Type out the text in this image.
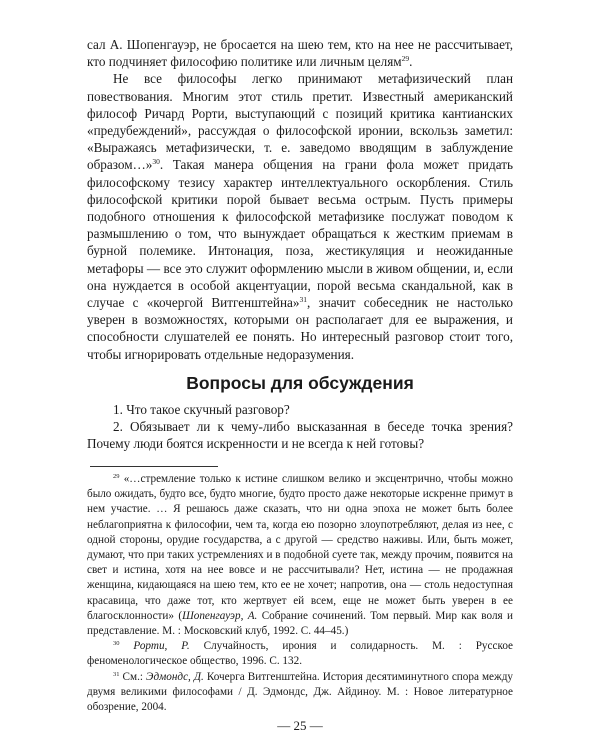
сал А. Шопенгауэр, не бросается на шею тем, кто на нее не рассчитывает, кто подчиняет философию политике или личным целям$^{29}$.

Не все философы легко принимают метафизический план повествования. Многим этот стиль претит. Известный американский философ Ричард Рорти, выступающий с позиций критика кантианских «предубеждений», рассуждая о философской иронии, вскользь заметил: «Выражаясь метафизически, т. е. заведомо вводящим в заблуждение образом…»$^{30}$. Такая манера общения на грани фола может придать философскому тезису характер интеллектуального оскорбления. Стиль философской критики порой бывает весьма острым. Пусть примеры подобного отношения к философской метафизике послужат поводом к размышлению о том, что вынуждает обращаться к жестким приемам в бурной полемике. Интонация, поза, жестикуляция и неожиданные метафоры — все это служит оформлению мысли в живом общении, и, если она нуждается в особой акцентуации, порой весьма скандальной, как в случае с «кочергой Витгенштейна»$^{31}$, значит собеседник не настолько уверен в возможностях, которыми он располагает для ее выражения, и способности слушателей ее понять. Но интересный разговор стоит того, чтобы игнорировать отдельные недоразумения.

Вопросы для обсуждения

1. Что такое скучный разговор?

2. Обязывает ли к чему-либо высказанная в беседе точка зрения? Почему люди боятся искренности и не всегда к ней готовы?

$^{29}$ «…стремление только к истине слишком велико и эксцентрично, чтобы можно было ожидать, будто все, будто многие, будто просто даже некоторые искренне примут в нем участие. … Я решаюсь даже сказать, что ни одна эпоха не может быть более неблагоприятна к философии, чем та, когда ею позорно злоупотребляют, делая из нее, с одной стороны, орудие государства, а с другой — средство наживы. Или, быть может, думают, что при таких устремлениях и в подобной суете так, между прочим, появится на свет и истина, хотя на нее вовсе и не рассчитывали? Нет, истина — не продажная женщина, кидающаяся на шею тем, кто ее не хочет; напротив, она — столь недоступная красавица, что даже тот, кто жертвует ей всем, еще не может быть уверен в ее благосклонности» (Шопенгауэр, А. Собрание сочинений. Том первый. Мир как воля и представление. М. : Московский клуб, 1992. С. 44–45.)

$^{30}$ Рорти, Р. Случайность, ирония и солидарность. М. : Русское феноменологическое общество, 1996. С. 132.

$^{31}$ См.: Эдмондс, Д. Кочерга Витгенштейна. История десятиминутного спора между двумя великими философами / Д. Эдмондс, Дж. Айдиноу. М. : Новое литературное обозрение, 2004.

— 25 —
